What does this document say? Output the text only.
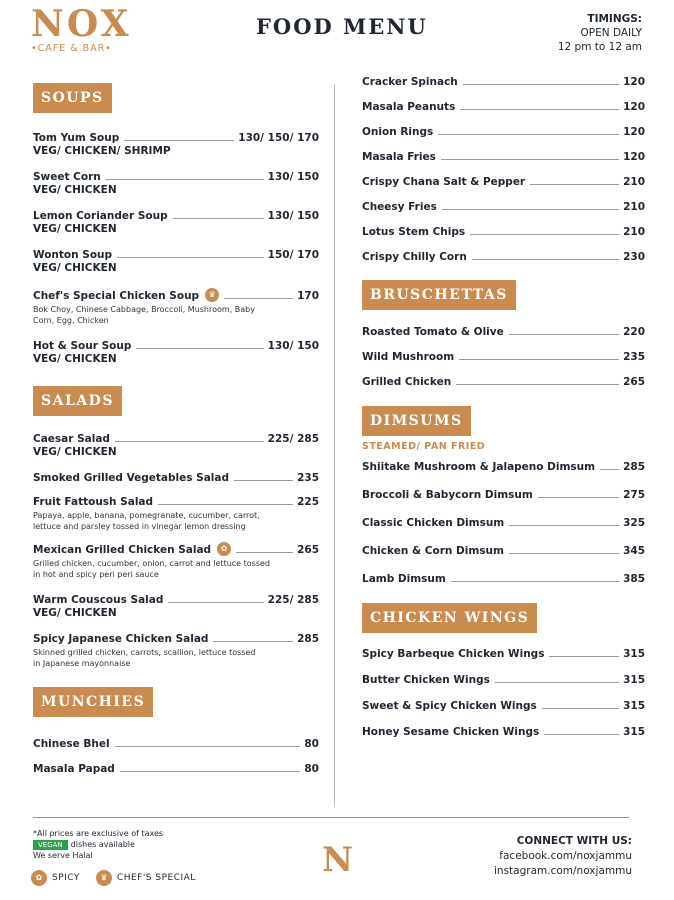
NOX
•CAFE & BAR•
FOOD MENU	TIMINGS:
OPEN DAILY
12 pm to 12 am
SOUPS
Tom Yum Soup	130/ 150/ 170
VEG/ CHICKEN/ SHRIMP
Sweet Corn	130/ 150
VEG/ CHICKEN
Lemon Coriander Soup	130/ 150
VEG/ CHICKEN
Wonton Soup	150/ 170
VEG/ CHICKEN
Chef's Special Chicken Soup	♛	170
Bok Choy, Chinese Cabbage, Broccoli, Mushroom, Baby Corn, Egg, Chicken
Hot & Sour Soup	130/ 150
VEG/ CHICKEN
SALADS
Caesar Salad	225/ 285
VEG/ CHICKEN
Smoked Grilled Vegetables Salad	235
Fruit Fattoush Salad	225
Papaya, apple, banana, pomegranate, cucumber, carrot, lettuce and parsley tossed in vinegar lemon dressing
Mexican Grilled Chicken Salad	✿	265
Grilled chicken, cucumber, onion, carrot and lettuce tossed in hot and spicy peri peri sauce
Warm Couscous Salad	225/ 285
VEG/ CHICKEN
Spicy Japanese Chicken Salad	285
Skinned grilled chicken, carrots, scallion, lettuce tossed in Japanese mayonnaise
MUNCHIES
Chinese Bhel	80
Masala Papad	80
Cracker Spinach	120
Masala Peanuts	120
Onion Rings	120
Masala Fries	120
Crispy Chana Salt & Pepper	210
Cheesy Fries	210
Lotus Stem Chips	210
Crispy Chilly Corn	230
BRUSCHETTAS
Roasted Tomato & Olive	220
Wild Mushroom	235
Grilled Chicken	265
DIMSUMS
STEAMED/ PAN FRIED
Shiitake Mushroom & Jalapeno Dimsum	285
Broccoli & Babycorn Dimsum	275
Classic Chicken Dimsum	325
Chicken & Corn Dimsum	345
Lamb Dimsum	385
CHICKEN WINGS
Spicy Barbeque Chicken Wings	315
Butter Chicken Wings	315
Sweet & Spicy Chicken Wings	315
Honey Sesame Chicken Wings	315
*All prices are exclusive of taxes
VEGAN dishes available
We serve Halal
✿	SPICY	♛	CHEF'S SPECIAL	N	CONNECT WITH US:
facebook.com/noxjammu
instagram.com/noxjammu
